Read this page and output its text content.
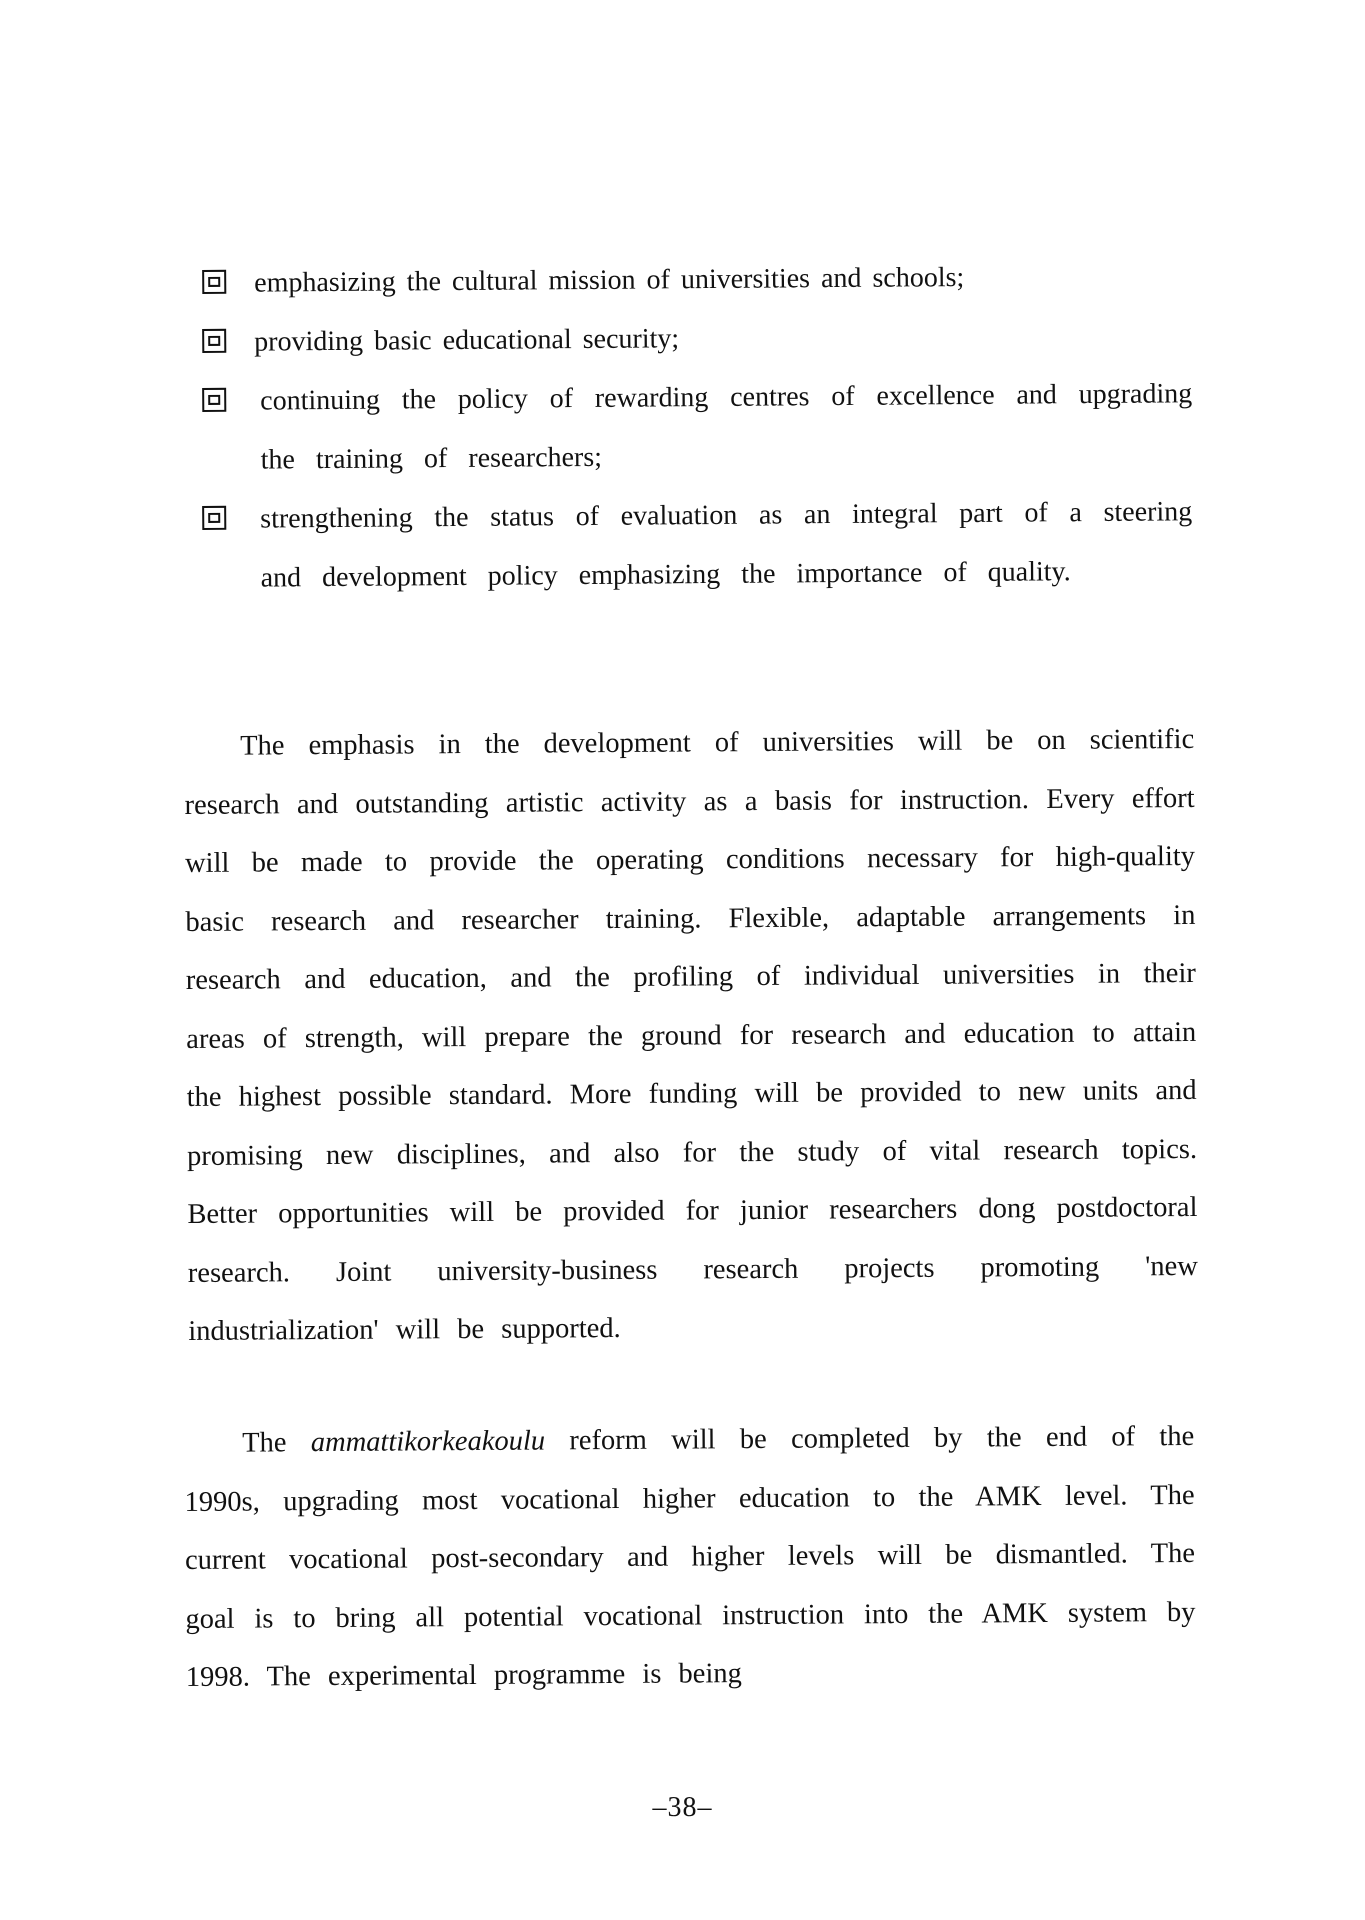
emphasizing the cultural mission of universities and schools;
providing basic educational security;
continuing the policy of rewarding centres of excellence and upgrading the training of researchers;
strengthening the status of evaluation as an integral part of a steering and development policy emphasizing the importance of quality.

The emphasis in the development of universities will be on scientific research and outstanding artistic activity as a basis for instruction. Every effort will be made to provide the operating conditions necessary for high-quality basic research and researcher training. Flexible, adaptable arrangements in research and education, and the profiling of individual universities in their areas of strength, will prepare the ground for research and education to attain the highest possible standard. More funding will be provided to new units and promising new disciplines, and also for the study of vital research topics. Better opportunities will be provided for junior researchers dong postdoctoral research. Joint university-business research projects promoting 'new industrialization' will be supported.

The ammattikorkeakoulu reform will be completed by the end of the 1990s, upgrading most vocational higher education to the AMK level. The current vocational post-secondary and higher levels will be dismantled. The goal is to bring all potential vocational instruction into the AMK system by 1998. The experimental programme is being

–38–
